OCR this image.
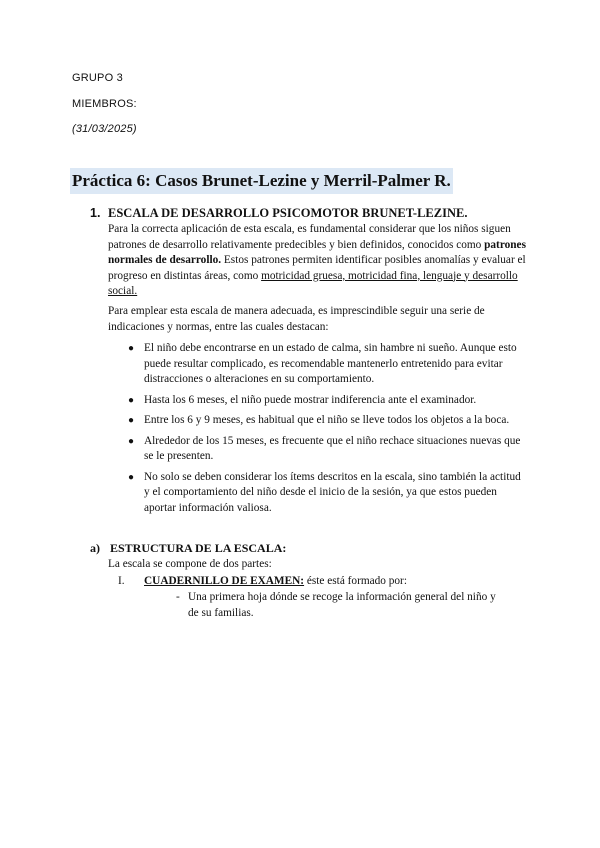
GRUPO 3
MIEMBROS:
(31/03/2025)
Práctica 6: Casos Brunet-Lezine y Merril-Palmer R.
1. ESCALA DE DESARROLLO PSICOMOTOR BRUNET-LEZINE.
Para la correcta aplicación de esta escala, es fundamental considerar que los niños siguen patrones de desarrollo relativamente predecibles y bien definidos, conocidos como patrones normales de desarrollo. Estos patrones permiten identificar posibles anomalías y evaluar el progreso en distintas áreas, como motricidad gruesa, motricidad fina, lenguaje y desarrollo social.
Para emplear esta escala de manera adecuada, es imprescindible seguir una serie de indicaciones y normas, entre las cuales destacan:
● El niño debe encontrarse en un estado de calma, sin hambre ni sueño. Aunque esto puede resultar complicado, es recomendable mantenerlo entretenido para evitar distracciones o alteraciones en su comportamiento.
● Hasta los 6 meses, el niño puede mostrar indiferencia ante el examinador.
● Entre los 6 y 9 meses, es habitual que el niño se lleve todos los objetos a la boca.
● Alrededor de los 15 meses, es frecuente que el niño rechace situaciones nuevas que se le presenten.
● No solo se deben considerar los ítems descritos en la escala, sino también la actitud y el comportamiento del niño desde el inicio de la sesión, ya que estos pueden aportar información valiosa.
a) ESTRUCTURA DE LA ESCALA:
La escala se compone de dos partes:
I. CUADERNILLO DE EXAMEN: éste está formado por:
- Una primera hoja dónde se recoge la información general del niño y de su familias.
